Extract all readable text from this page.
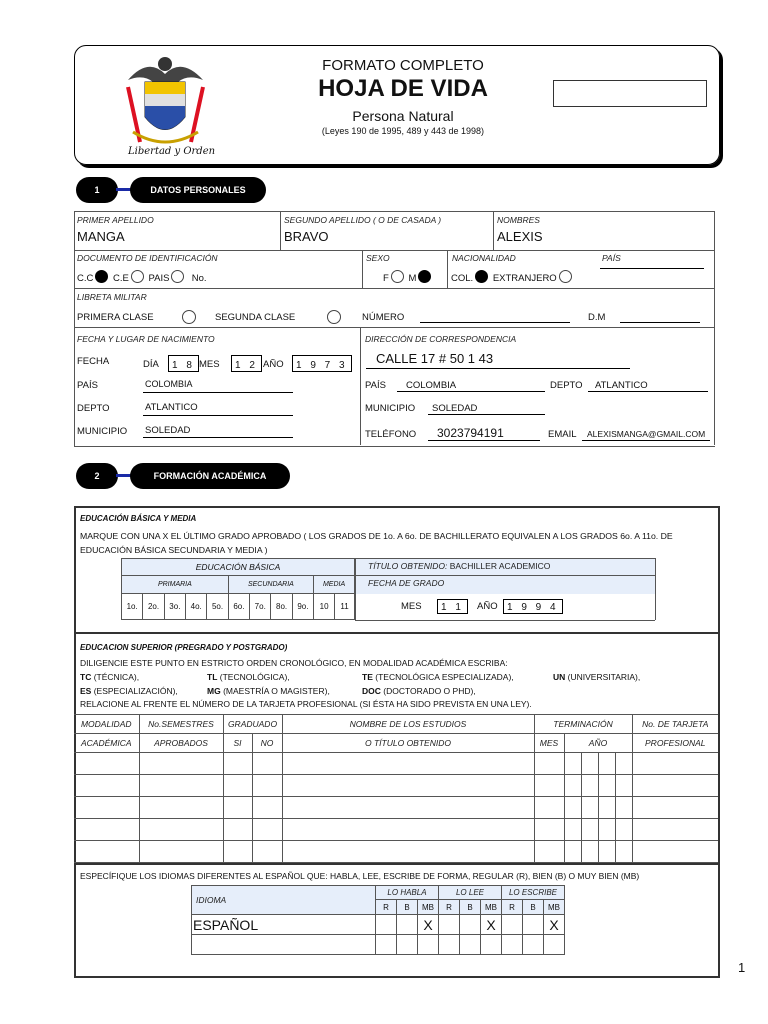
Libertad y Orden
FORMATO COMPLETO
HOJA DE VIDA
Persona Natural
(Leyes 190 de 1995, 489 y 443 de 1998)
1	DATOS PERSONALES
PRIMER APELLIDO
MANGA
SEGUNDO APELLIDO ( O DE CASADA )
BRAVO
NOMBRES
ALEXIS
DOCUMENTO DE IDENTIFICACIÓN
C.C C.E PAIS No.
SEXO
F M
NACIONALIDAD	PAÍS
COL. EXTRANJERO
LIBRETA MILITAR
PRIMERA CLASE	SEGUNDA CLASE	NÚMERO	D.M
FECHA Y LUGAR DE NACIMIENTO
FECHA	DÍA	1 8 MES	1 2 AÑO	1 9 7 3
PAÍS	COLOMBIA
DEPTO	ATLANTICO
MUNICIPIO SOLEDAD
DIRECCIÓN DE CORRESPONDENCIA
CALLE 17 # 50 1 43
PAÍS COLOMBIA	DEPTO ATLANTICO
MUNICIPIO SOLEDAD
TELÉFONO 3023794191	EMAIL ALEXISMANGA@GMAIL.COM
2	FORMACIÓN ACADÉMICA
EDUCACIÓN BÁSICA Y MEDIA
MARQUE CON UNA X EL ÚLTIMO GRADO APROBADO ( LOS GRADOS DE 1o. A 6o. DE BACHILLERATO EQUIVALEN A LOS GRADOS 6o. A 11o. DE EDUCACIÓN BÁSICA SECUNDARIA Y MEDIA )
EDUCACIÓN BÁSICA										
PRIMARIA					SECUNDARIA				MEDIA	
1o.	2o.	3o.	4o.	5o.	6o.	7o.	8o.	9o.	10	11
TÍTULO OBTENIDO: BACHILLER ACADEMICO
FECHA DE GRADO
MES	1 1	AÑO 1 9 9 4
EDUCACION SUPERIOR (PREGRADO Y POSTGRADO)
DILIGENCIE ESTE PUNTO EN ESTRICTO ORDEN CRONOLÓGICO, EN MODALIDAD ACADÉMICA ESCRIBA:
TC (TÉCNICA),	TL (TECNOLÓGICA),	TE (TECNOLÓGICA ESPECIALIZADA),	UN (UNIVERSITARIA),
ES (ESPECIALIZACIÓN),	MG (MAESTRÍA O MAGISTER),	DOC (DOCTORADO O PHD),
RELACIONE AL FRENTE EL NÚMERO DE LA TARJETA PROFESIONAL (SI ÉSTA HA SIDO PREVISTA EN UNA LEY).
MODALIDAD	No.SEMESTRES	GRADUADO		NOMBRE DE LOS ESTUDIOS	TERMINACIÓN					No. DE TARJETA
ACADÉMICA	APROBADOS	SI	NO	O TÍTULO OBTENIDO	MES	AÑO				PROFESIONAL

ESPECÍFIQUE LOS IDIOMAS DIFERENTES AL ESPAÑOL QUE: HABLA, LEE, ESCRIBE DE FORMA, REGULAR (R), BIEN (B) O MUY BIEN (MB)
IDIOMA	LO HABLA			LO LEE			LO ESCRIBE		
	R	B	MB	R	B	MB	R	B	MB
ESPAÑOL			X			X			X

1
